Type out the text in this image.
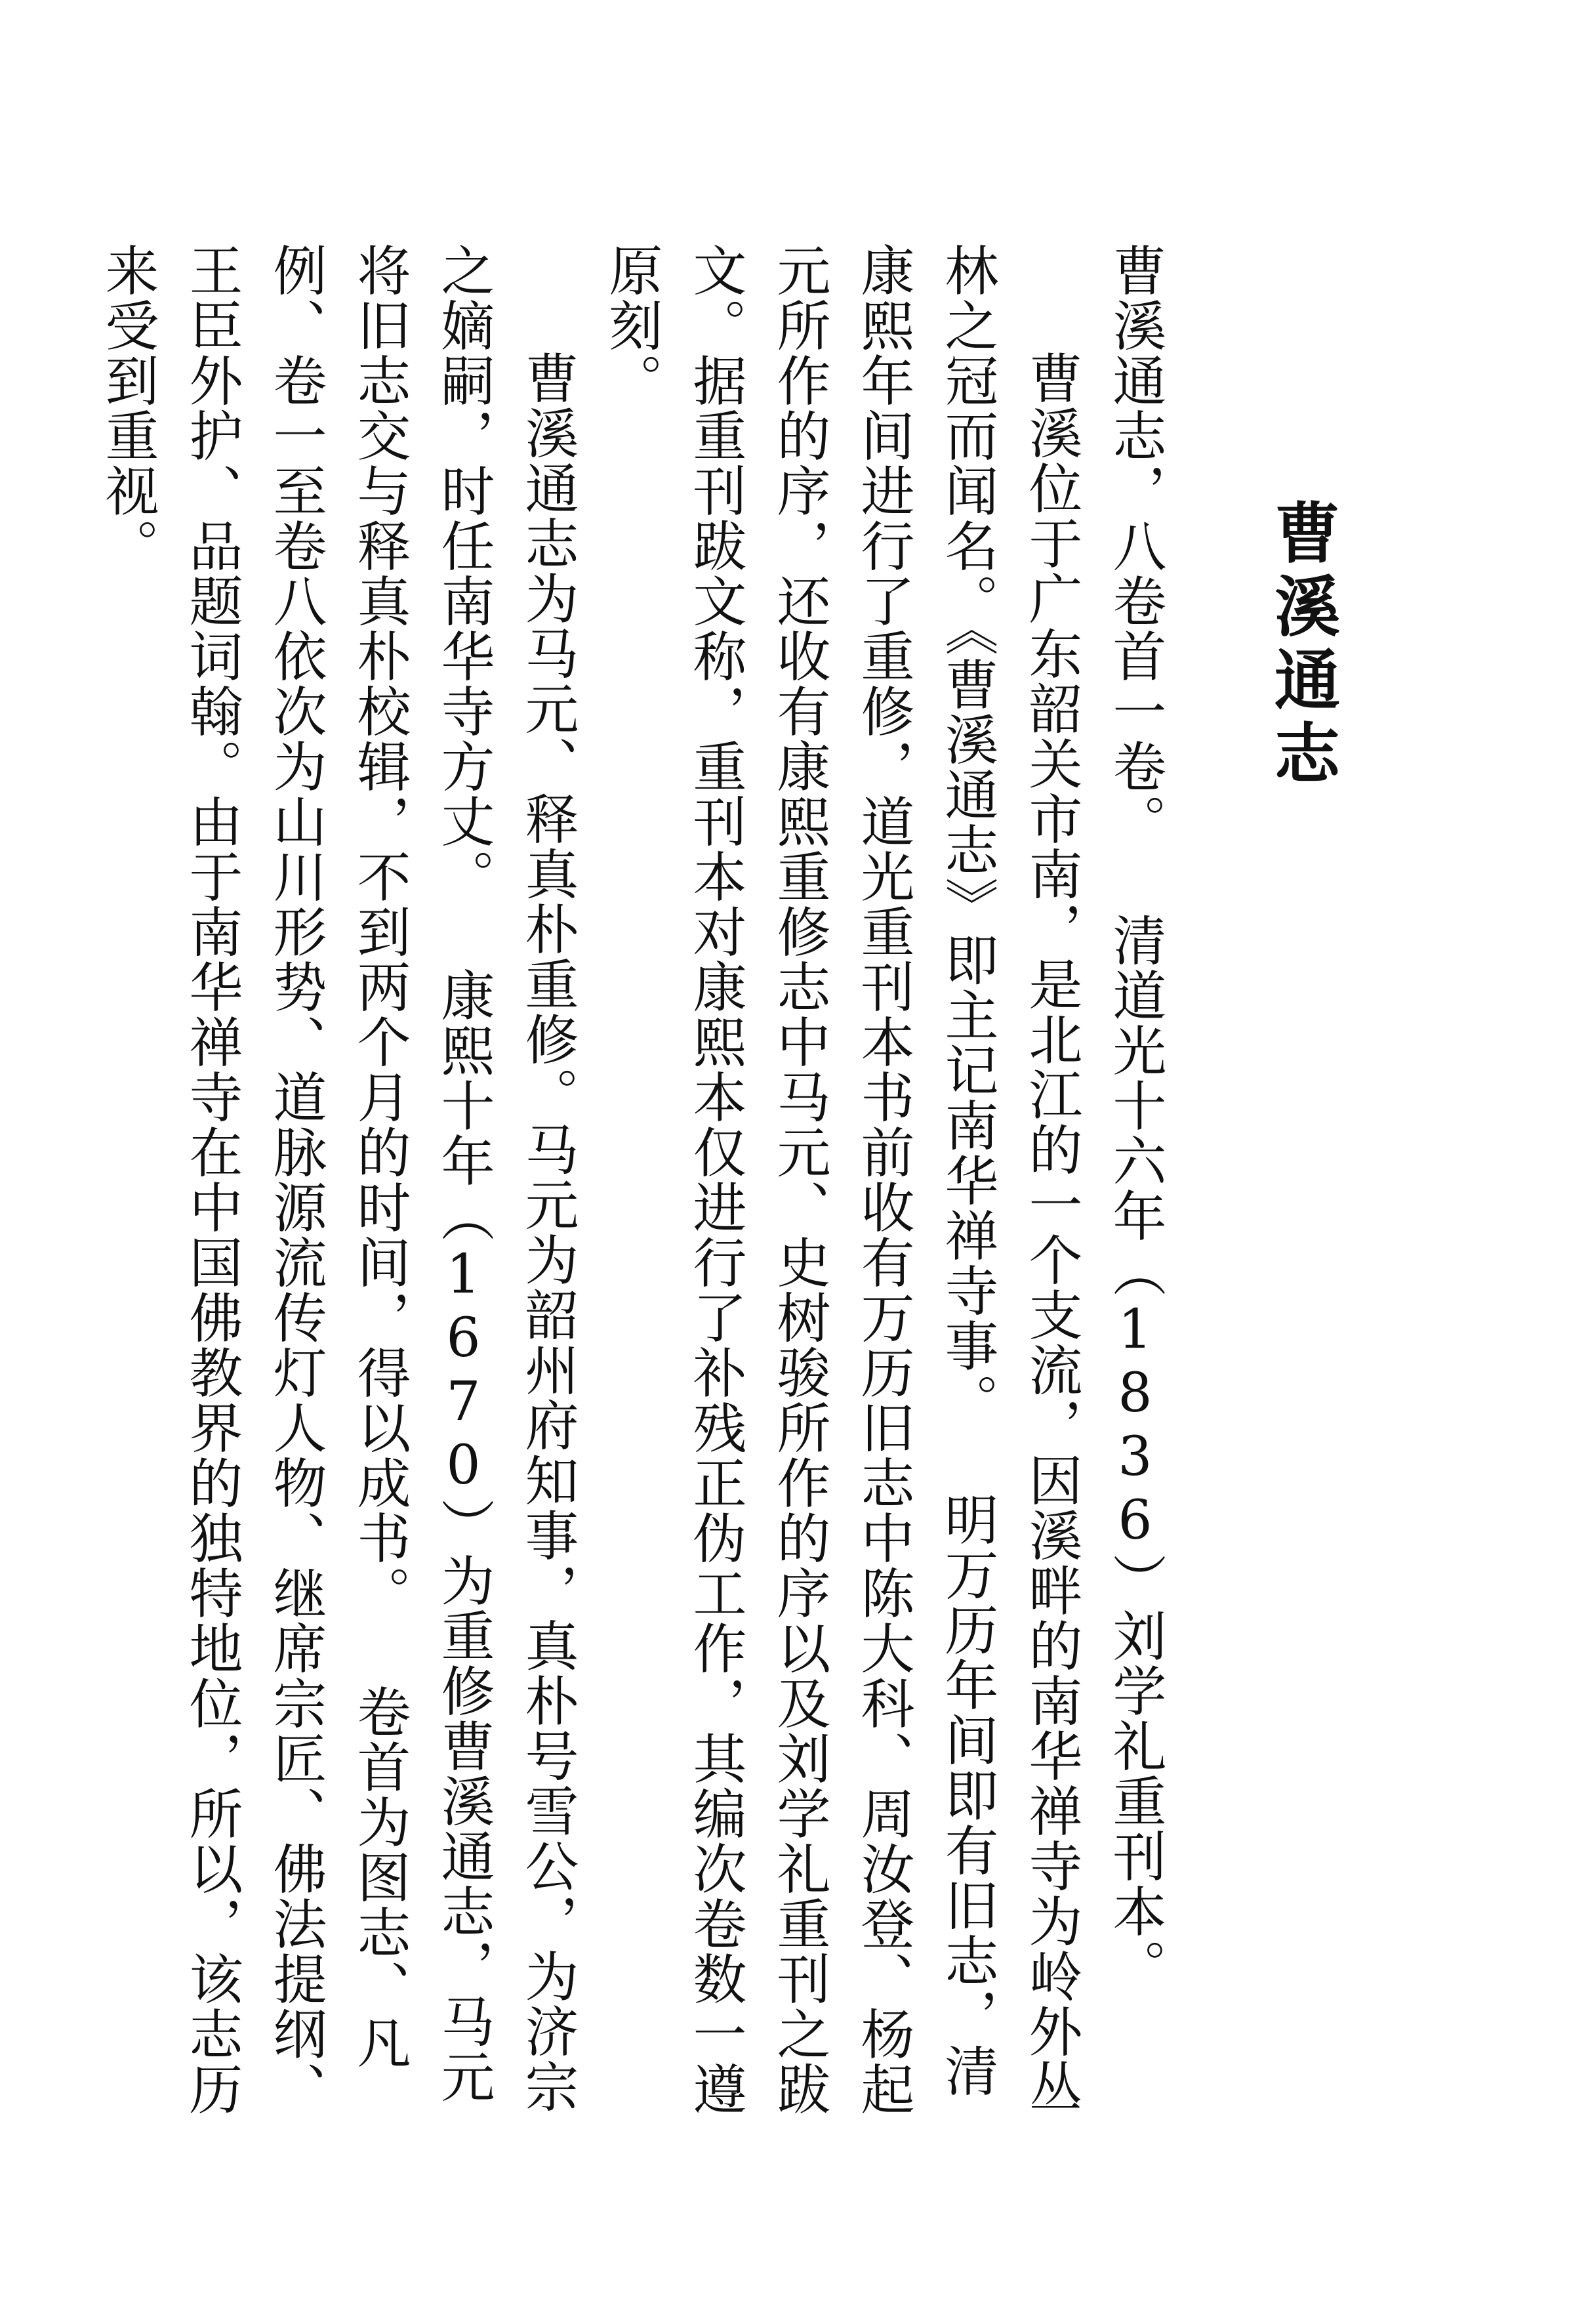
曹溪通志

曹溪通志，八卷首一卷。 清道光十六年（1836）刘学礼重刊本。

曹溪位于广东韶关市南，是北江的一个支流，因溪畔的南华禅寺为岭外丛林之冠而闻名。《曹溪通志》即主记南华禅寺事。 明万历年间即有旧志，清康熙年间进行了重修，道光重刊本书前收有万历旧志中陈大科、周汝登、杨起元所作的序，还收有康熙重修志中马元、史树骏所作的序以及刘学礼重刊之跋文。据重刊跋文称，重刊本对康熙本仅进行了补残正伪工作，其编次卷数一遵原刻。

曹溪通志为马元、释真朴重修。马元为韶州府知事，真朴号雪公，为济宗之嫡嗣，时任南华寺方丈。 康熙十年（1670）为重修曹溪通志，马元将旧志交与释真朴校辑，不到两个月的时间，得以成书。 卷首为图志、凡例、卷一至卷八依次为山川形势、道脉源流传灯人物、继席宗匠、佛法提纲、王臣外护、品题词翰。由于南华禅寺在中国佛教界的独特地位，所以，该志历来受到重视。
